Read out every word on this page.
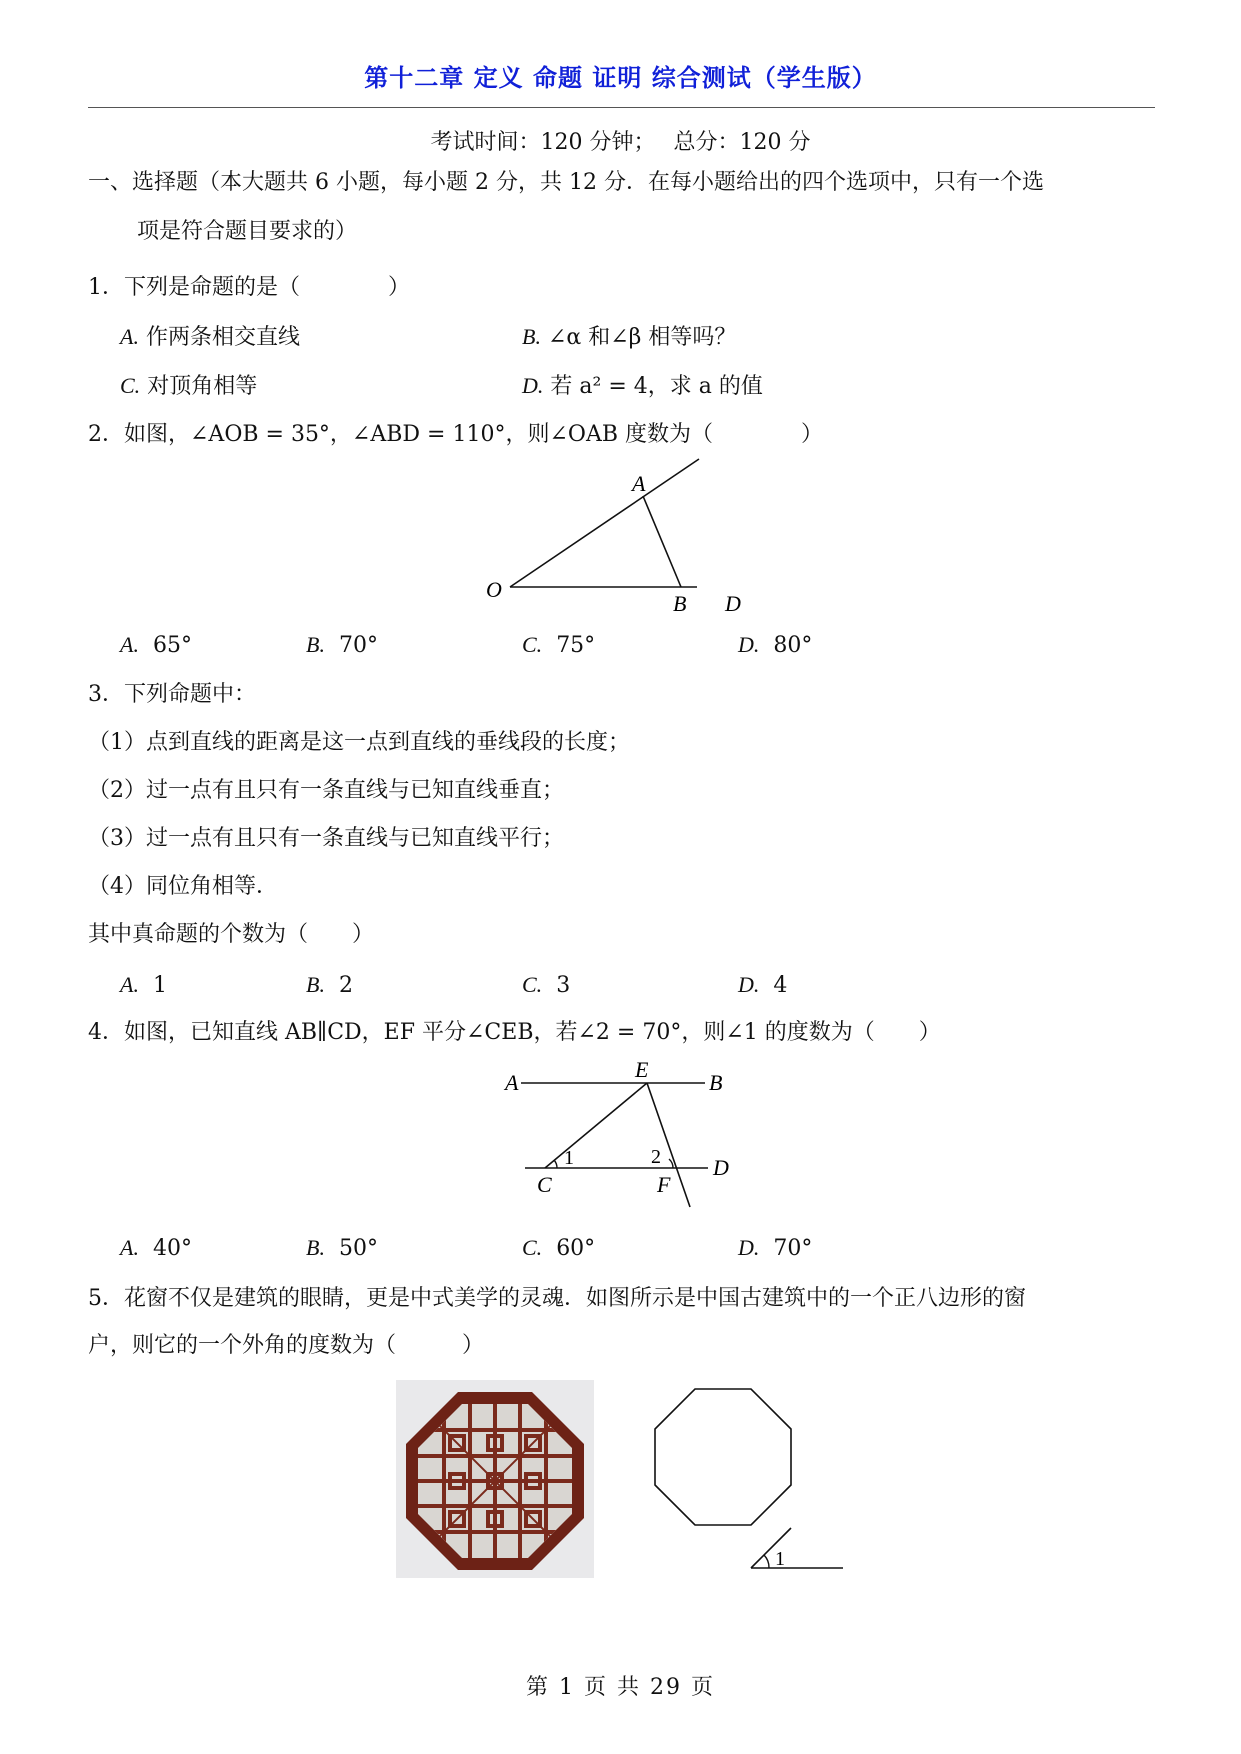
第十二章 定义 命题 证明 综合测试（学生版）
考试时间：120 分钟；　 总分：120 分
一、选择题（本大题共 6 小题，每小题 2 分，共 12 分．在每小题给出的四个选项中，只有一个选
项是符合题目要求的）
1．下列是命题的是（　　　　）
A. 作两条相交直线	B. ∠α 和∠β 相等吗？
C. 对顶角相等	D. 若 a² = 4，求 a 的值
2．如图，∠AOB = 35°，∠ABD = 110°，则∠OAB 度数为（　　　　）
A
O
B D
A. 65°	B. 70°	C. 75°	D. 80°
3．下列命题中：
（1）点到直线的距离是这一点到直线的垂线段的长度；
（2）过一点有且只有一条直线与已知直线垂直；
（3）过一点有且只有一条直线与已知直线平行；
（4）同位角相等．
其中真命题的个数为（　　）
A. 1	B. 2	C. 3	D. 4
4．如图，已知直线 AB∥CD，EF 平分∠CEB，若∠2 = 70°，则∠1 的度数为（　　）
A
E
B
C	F
D
1	2
A. 40°	B. 50°	C. 60°	D. 70°
5．花窗不仅是建筑的眼睛，更是中式美学的灵魂．如图所示是中国古建筑中的一个正八边形的窗
户，则它的一个外角的度数为（　　　）
1
第 1 页 共 29 页
